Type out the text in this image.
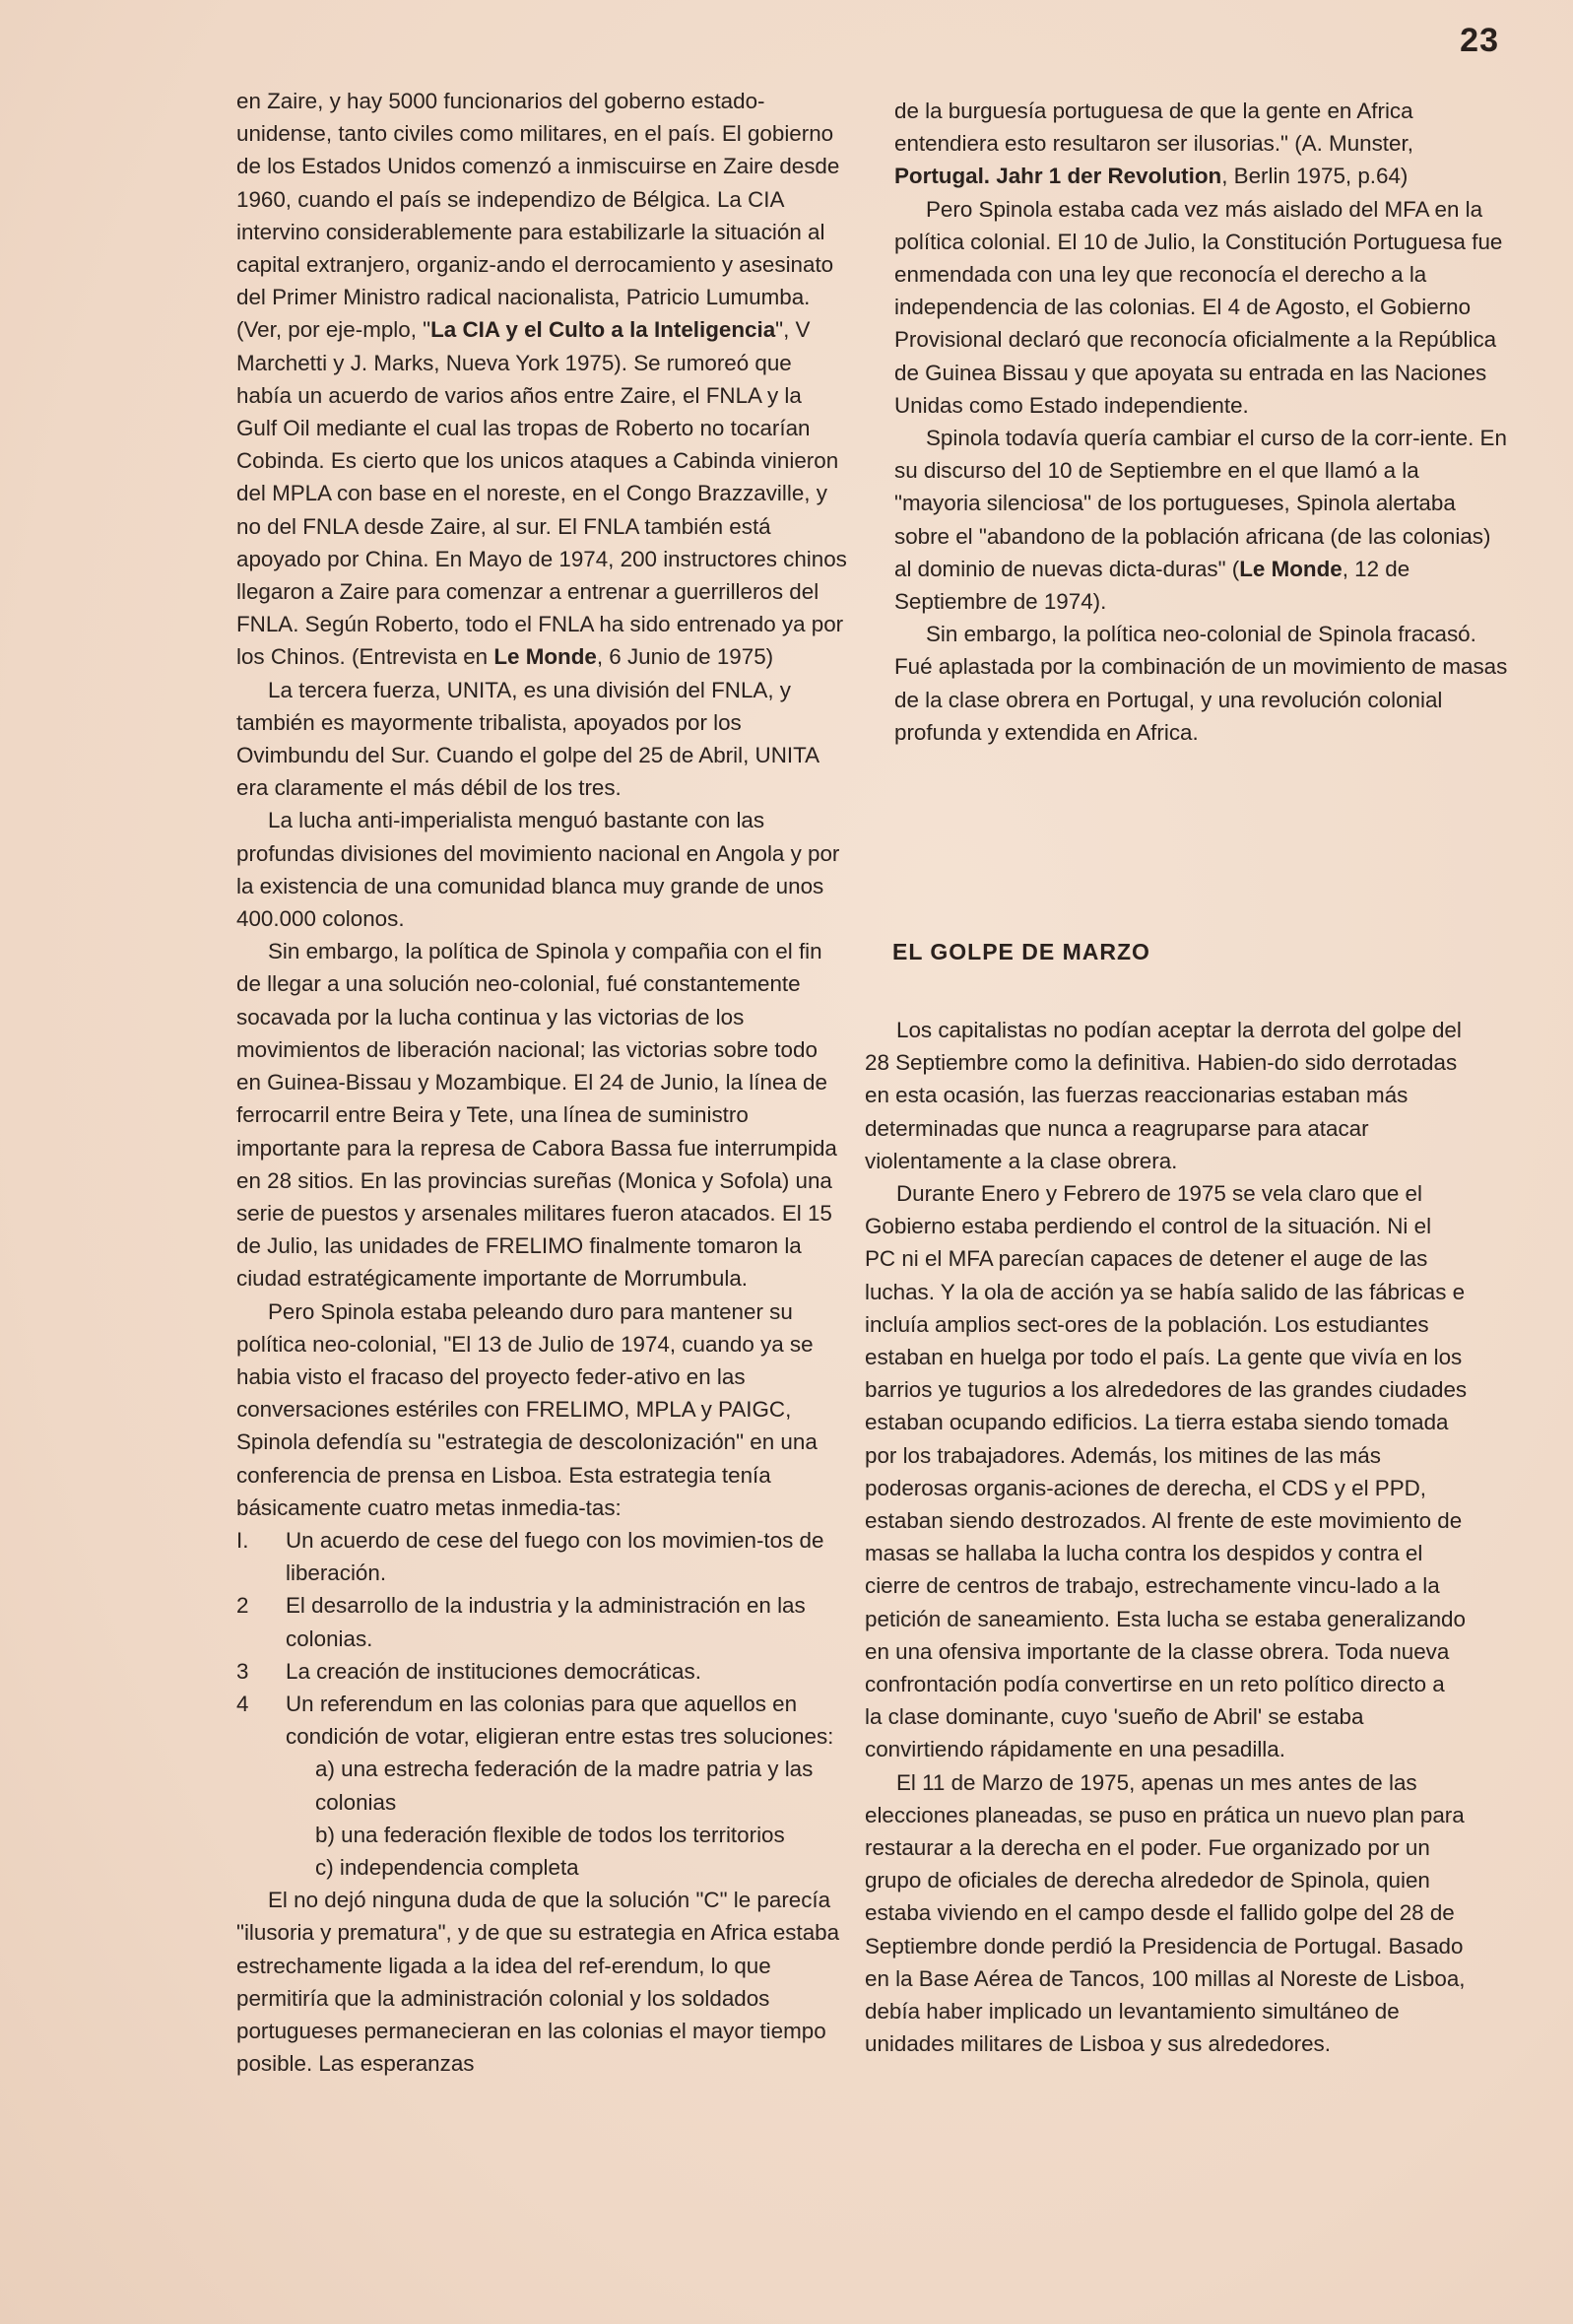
23

en Zaire, y hay 5000 funcionarios del goberno estado-unidense, tanto civiles como militares, en el país. El gobierno de los Estados Unidos comenzó a inmiscuirse en Zaire desde 1960, cuando el país se independizo de Bélgica. La CIA intervino considerablemente para estabilizarle la situación al capital extranjero, organiz-ando el derrocamiento y asesinato del Primer Ministro radical nacionalista, Patricio Lumumba. (Ver, por eje-mplo, "La CIA y el Culto a la Inteligencia", V Marchetti y J. Marks, Nueva York 1975). Se rumoreó que había un acuerdo de varios años entre Zaire, el FNLA y la Gulf Oil mediante el cual las tropas de Roberto no tocarían Cobinda. Es cierto que los unicos ataques a Cabinda vinieron del MPLA con base en el noreste, en el Congo Brazzaville, y no del FNLA desde Zaire, al sur. El FNLA también está apoyado por China. En Mayo de 1974, 200 instructores chinos llegaron a Zaire para comenzar a entrenar a guerrilleros del FNLA. Según Roberto, todo el FNLA ha sido entrenado ya por los Chinos. (Entrevista en Le Monde, 6 Junio de 1975)

La tercera fuerza, UNITA, es una división del FNLA, y también es mayormente tribalista, apoyados por los Ovimbundu del Sur. Cuando el golpe del 25 de Abril, UNITA era claramente el más débil de los tres.

La lucha anti-imperialista menguó bastante con las profundas divisiones del movimiento nacional en Angola y por la existencia de una comunidad blanca muy grande de unos 400.000 colonos.

Sin embargo, la política de Spinola y compañia con el fin de llegar a una solución neo-colonial, fué constantemente socavada por la lucha continua y las victorias de los movimientos de liberación nacional; las victorias sobre todo en Guinea-Bissau y Mozambique. El 24 de Junio, la línea de ferrocarril entre Beira y Tete, una línea de suministro importante para la represa de Cabora Bassa fue interrumpida en 28 sitios. En las provincias sureñas (Monica y Sofola) una serie de puestos y arsenales militares fueron atacados. El 15 de Julio, las unidades de FRELIMO finalmente tomaron la ciudad estratégicamente importante de Morrumbula.

Pero Spinola estaba peleando duro para mantener su política neo-colonial, "El 13 de Julio de 1974, cuando ya se habia visto el fracaso del proyecto feder-ativo en las conversaciones estériles con FRELIMO, MPLA y PAIGC, Spinola defendía su "estrategia de descolonización" en una conferencia de prensa en Lisboa. Esta estrategia tenía básicamente cuatro metas inmedia-tas:

I.	Un acuerdo de cese del fuego con los movimien-tos de liberación.
2	El desarrollo de la industria y la administración en las colonias.
3	La creación de instituciones democráticas.
4	Un referendum en las colonias para que aquellos en condición de votar, eligieran entre estas tres soluciones:
a) una estrecha federación de la madre patria y las colonias
b) una federación flexible de todos los territorios
c) independencia completa

El no dejó ninguna duda de que la solución "C" le parecía "ilusoria y prematura", y de que su estrategia en Africa estaba estrechamente ligada a la idea del ref-erendum, lo que permitiría que la administración colonial y los soldados portugueses permanecieran en las colonias el mayor tiempo posible. Las esperanzas

de la burguesía portuguesa de que la gente en Africa entendiera esto resultaron ser ilusorias." (A. Munster, Portugal. Jahr 1 der Revolution, Berlin 1975, p.64)

Pero Spinola estaba cada vez más aislado del MFA en la política colonial. El 10 de Julio, la Constitución Portuguesa fue enmendada con una ley que reconocía el derecho a la independencia de las colonias. El 4 de Agosto, el Gobierno Provisional declaró que reconocía oficialmente a la República de Guinea Bissau y que apoyata su entrada en las Naciones Unidas como Estado independiente.

Spinola todavía quería cambiar el curso de la corr-iente. En su discurso del 10 de Septiembre en el que llamó a la "mayoria silenciosa" de los portugueses, Spinola alertaba sobre el "abandono de la población africana (de las colonias) al dominio de nuevas dicta-duras" (Le Monde, 12 de Septiembre de 1974).

Sin embargo, la política neo-colonial de Spinola fracasó. Fué aplastada por la combinación de un movimiento de masas de la clase obrera en Portugal, y una revolución colonial profunda y extendida en Africa.

EL GOLPE DE MARZO

Los capitalistas no podían aceptar la derrota del golpe del 28 Septiembre como la definitiva. Habien-do sido derrotadas en esta ocasión, las fuerzas reaccionarias estaban más determinadas que nunca a reagruparse para atacar violentamente a la clase obrera.

Durante Enero y Febrero de 1975 se vela claro que el Gobierno estaba perdiendo el control de la situación. Ni el PC ni el MFA parecían capaces de detener el auge de las luchas. Y la ola de acción ya se había salido de las fábricas e incluía amplios sect-ores de la población. Los estudiantes estaban en huelga por todo el país. La gente que vivía en los barrios ye tugurios a los alrededores de las grandes ciudades estaban ocupando edificios. La tierra estaba siendo tomada por los trabajadores. Además, los mitines de las más poderosas organis-aciones de derecha, el CDS y el PPD, estaban siendo destrozados. Al frente de este movimiento de masas se hallaba la lucha contra los despidos y contra el cierre de centros de trabajo, estrechamente vincu-lado a la petición de saneamiento. Esta lucha se estaba generalizando en una ofensiva importante de la classe obrera. Toda nueva confrontación podía convertirse en un reto político directo a la clase dominante, cuyo 'sueño de Abril' se estaba convirtiendo rápidamente en una pesadilla.

El 11 de Marzo de 1975, apenas un mes antes de las elecciones planeadas, se puso en prática un nuevo plan para restaurar a la derecha en el poder. Fue organizado por un grupo de oficiales de derecha alrededor de Spinola, quien estaba viviendo en el campo desde el fallido golpe del 28 de Septiembre donde perdió la Presidencia de Portugal. Basado en la Base Aérea de Tancos, 100 millas al Noreste de Lisboa, debía haber implicado un levantamiento simultáneo de unidades militares de Lisboa y sus alrededores.
